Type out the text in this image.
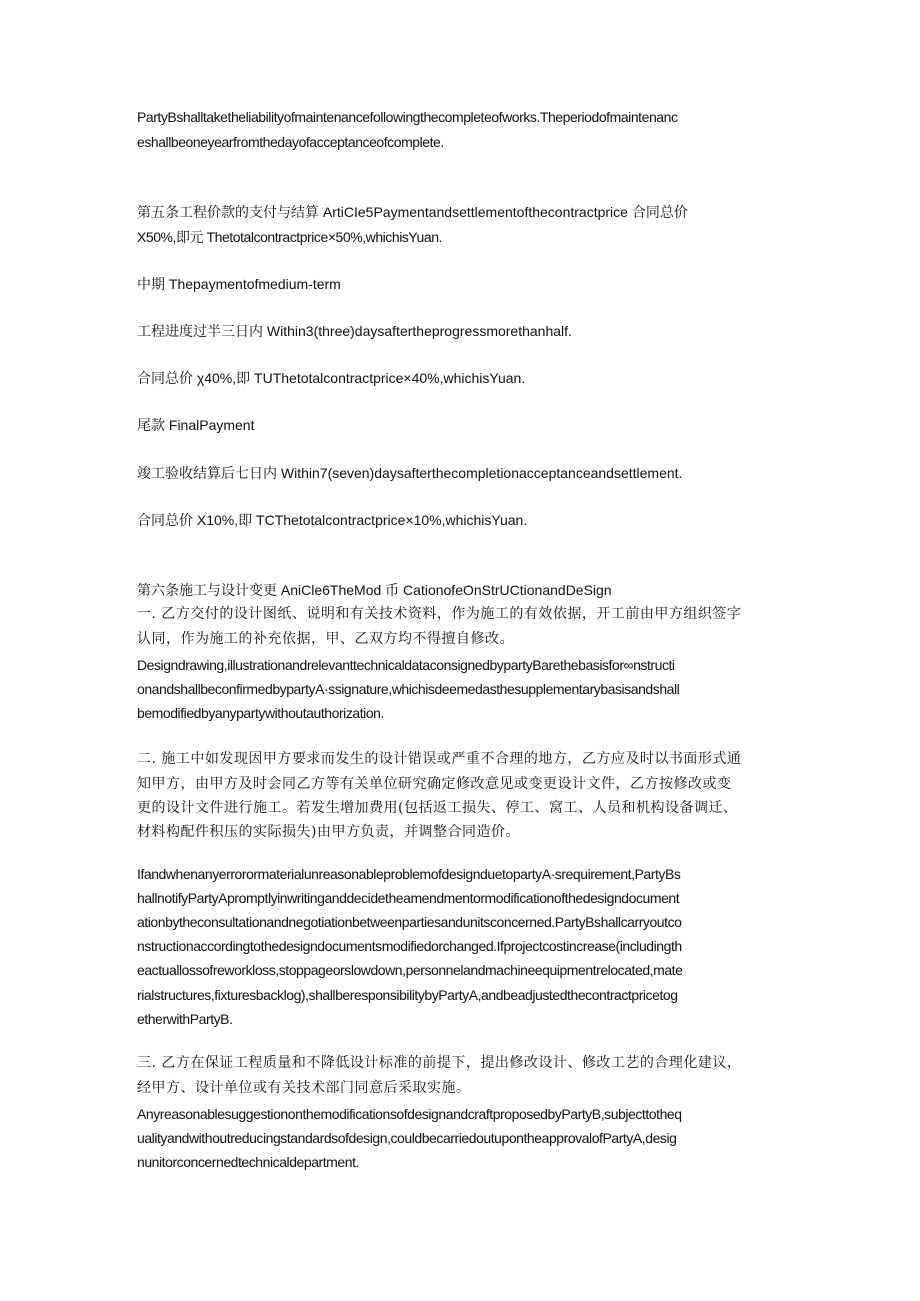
PartyBshalltaketheliabilityofmaintenancefollowingthecompleteofworks.Theperiodofmaintenanc
eshallbeoneyearfromthedayofacceptanceofcomplete.
第五条工程价款的支付与结算 ArtiCIe5Paymentandsettlementofthecontractprice 合同总价
X50%,即元 Thetotalcontractprice×50%,whichisYuan.
中期 Thepaymentofmedium-term
工程进度过半三日内 Within3(three)daysaftertheprogressmorethanhalf.
合同总价 χ40%,即 TUThetotalcontractprice×40%,whichisYuan.
尾款 FinalPayment
竣工验收结算后七日内 Within7(seven)daysafterthecompletionacceptanceandsettlement.
合同总价 X10%,即 TCThetotalcontractprice×10%,whichisYuan.
第六条施工与设计变更 AniCle6TheMod 币 CationofeOnStrUCtionandDeSign
一. 乙方交付的设计图纸、说明和有关技术资料，作为施工的有效依据，开工前由甲方组织签字
认同，作为施工的补充依据，甲、乙双方均不得擅自修改。
Designdrawing,illustrationandrelevanttechnicaldataconsignedbypartyBarethebasisfor∞nstructi
onandshallbeconfirmedbypartyA·ssignature,whichisdeemedasthesupplementarybasisandshall
bemodifiedbyanypartywithoutauthorization.
二. 施工中如发现因甲方要求而发生的设计错误或严重不合理的地方，乙方应及时以书面形式通
知甲方，由甲方及时会同乙方等有关单位研究确定修改意见或变更设计文件，乙方按修改或变
更的设计文件进行施工。若发生增加费用(包括返工损失、停工、窝工、人员和机构设备调迁、
材料构配件积压的实际损失)由甲方负责，并调整合同造价。
IfandwhenanyerrorormaterialunreasonableproblemofdesignduetopartyA·srequirement,PartyBs
hallnotifyPartyApromptlyinwritinganddecidetheamendmentormodificationofthedesigndocument
ationbytheconsultationandnegotiationbetweenpartiesandunitsconcerned.PartyBshallcarryoutco
nstructionaccordingtothedesigndocumentsmodifiedorchanged.Ifprojectcostincrease(includingth
eactuallossofreworkloss,stoppageorslowdown,personnelandmachineequipmentrelocated,mate
rialstructures,fixturesbacklog),shallberesponsibilitybyPartyA,andbeadjustedthecontractpricetog
etherwithPartyB.
三. 乙方在保证工程质量和不降低设计标准的前提下，提出修改设计、修改工艺的合理化建议，
经甲方、设计单位或有关技术部门同意后采取实施。
AnyreasonablesuggestiononthemodificationsofdesignandcraftproposedbyPartyB,subjecttotheq
ualityandwithoutreducingstandardsofdesign,couldbecarriedoutupontheapprovalofPartyA,desig
nunitorconcernedtechnicaldepartment.
